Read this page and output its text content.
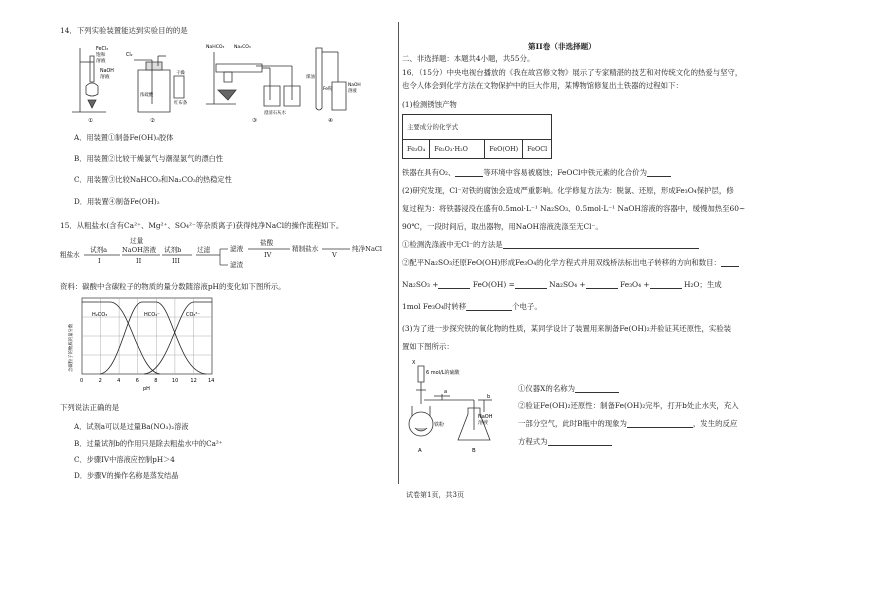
14．下列实验装置能达到实验目的的是
FeCl₃
饱和
溶液
NaOH
溶液
①
Cl₂
浓硫酸
干燥
红布条
②
NaHCO₃ Na₂CO₃
澄清石灰水
③
煤油
Fe粉
NaOH
溶液
④
A．用装置①制备Fe(OH)₃胶体
B．用装置②比较干燥氯气与潮湿氯气的漂白性
C．用装置③比较NaHCO₃和Na₂CO₃的热稳定性
D．用装置④制备Fe(OH)₂
15．从粗盐水(含有Ca²⁺、Mg²⁺、SO₄²⁻等杂质离子)获得纯净NaCl的操作流程如下。
粗盐水
试剂a
I
过量
NaOH溶液
II
试剂b
III
过滤	滤液
滤渣
盐酸
IV
精制盐水
V
纯净NaCl
资料：碳酸中含碳粒子的物质的量分数随溶液pH的变化如下图所示。
H₂CO₃	HCO₃⁻	CO₃²⁻
0	2	4	6	8	10 12 14
pH
含碳粒子的物质的量分数
下列说法正确的是
A．试剂a可以是过量Ba(NO₃)₂溶液
B．过量试剂b的作用只是除去粗盐水中的Ca²⁺
C．步骤IV中溶液应控制pH＞4
D．步骤V的操作名称是蒸发结晶
第II卷（非选择题）
二、非选择题：本题共4小题，共55分。
16．（15分）中央电视台播放的《我在故宫修文物》展示了专家精湛的技艺和对传统文化的热爱与坚守，
也令人体会到化学方法在文物保护中的巨大作用，某博物馆修复出土铁器的过程如下：
(1)检测锈蚀产物
主要成分的化学式
Fe₃O₄	Fe₂O₃·H₂O	FeO(OH)	FeOCl
铁器在具有O₂、	等环境中容易被腐蚀；FeOCl中铁元素的化合价为
(2)研究发现，Cl⁻对铁的腐蚀会造成严重影响。化学修复方法为：脱氯、还原，形成Fe₃O₄保护层，修
复过程为：将铁器浸没在盛有0.5mol·L⁻¹ Na₂SO₃、0.5mol·L⁻¹ NaOH溶液的容器中，缓慢加热至60~
90℃，一段时间后，取出器物，用NaOH溶液洗涤至无Cl⁻。
①检测洗涤液中无Cl⁻的方法是
②配平Na₂SO₃还原FeO(OH)形成Fe₃O₄的化学方程式并用双线桥法标出电子转移的方向和数目：
Na₂SO₃ +	FeO(OH) =	Na₂SO₄ +	Fe₃O₄ +	H₂O；生成
1mol Fe₃O₄时转移	个电子。
(3)为了进一步探究铁的氧化物的性质，某同学设计了装置用来制备Fe(OH)₂并验证其还原性，实验装
置如下图所示：
X
6 mol/L的硫酸
a
b
铁粉
NaOH
溶液
A	B
①仪器X的名称为
②验证Fe(OH)₂还原性：制备Fe(OH)₂完毕，打开b处止水夹，充入
一部分空气，此时B瓶中的现象为	，发生的反应
方程式为
试卷第1页，共3页
